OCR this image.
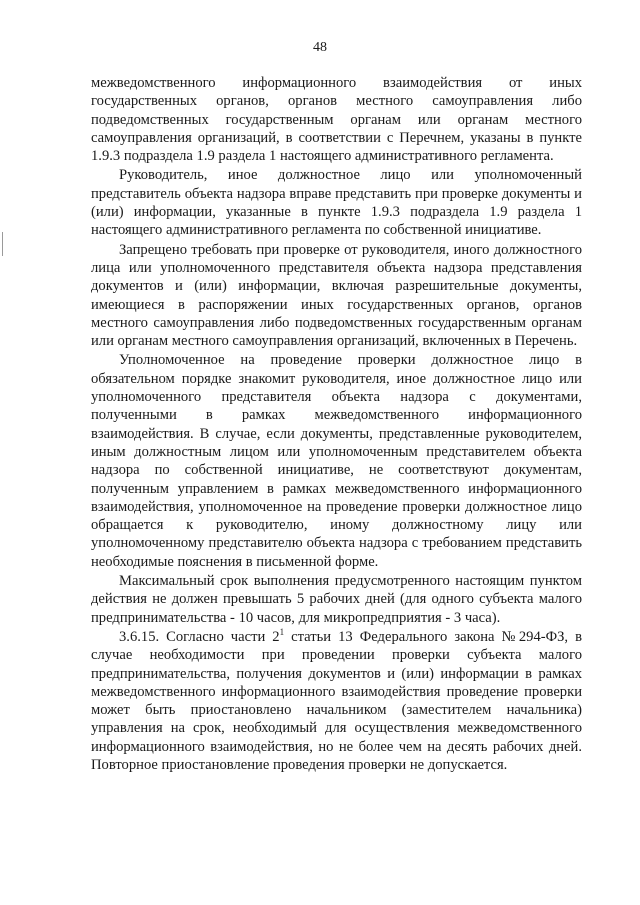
48

межведомственного информационного взаимодействия от иных государственных органов, органов местного самоуправления либо подведомственных государственным органам или органам местного самоуправления организаций, в соответствии с Перечнем, указаны в пункте 1.9.3 подраздела 1.9 раздела 1 настоящего административного регламента.

Руководитель, иное должностное лицо или уполномоченный представитель объекта надзора вправе представить при проверке документы и (или) информации, указанные в пункте 1.9.3 подраздела 1.9 раздела 1 настоящего административного регламента по собственной инициативе.

Запрещено требовать при проверке от руководителя, иного должностного лица или уполномоченного представителя объекта надзора представления документов и (или) информации, включая разрешительные документы, имеющиеся в распоряжении иных государственных органов, органов местного самоуправления либо подведомственных государственным органам или органам местного самоуправления организаций, включенных в Перечень.

Уполномоченное на проведение проверки должностное лицо в обязательном порядке знакомит руководителя, иное должностное лицо или уполномоченного представителя объекта надзора с документами, полученными в рамках межведомственного информационного взаимодействия. В случае, если документы, представленные руководителем, иным должностным лицом или уполномоченным представителем объекта надзора по собственной инициативе, не соответствуют документам, полученным управлением в рамках межведомственного информационного взаимодействия, уполномоченное на проведение проверки должностное лицо обращается к руководителю, иному должностному лицу или уполномоченному представителю объекта надзора с требованием представить необходимые пояснения в письменной форме.

Максимальный срок выполнения предусмотренного настоящим пунктом действия не должен превышать 5 рабочих дней (для одного субъекта малого предпринимательства - 10 часов, для микропредприятия - 3 часа).

3.6.15. Согласно части $2^1$ статьи 13 Федерального закона №294-ФЗ, в случае необходимости при проведении проверки субъекта малого предпринимательства, получения документов и (или) информации в рамках межведомственного информационного взаимодействия проведение проверки может быть приостановлено начальником (заместителем начальника) управления на срок, необходимый для осуществления межведомственного информационного взаимодействия, но не более чем на десять рабочих дней. Повторное приостановление проведения проверки не допускается.
